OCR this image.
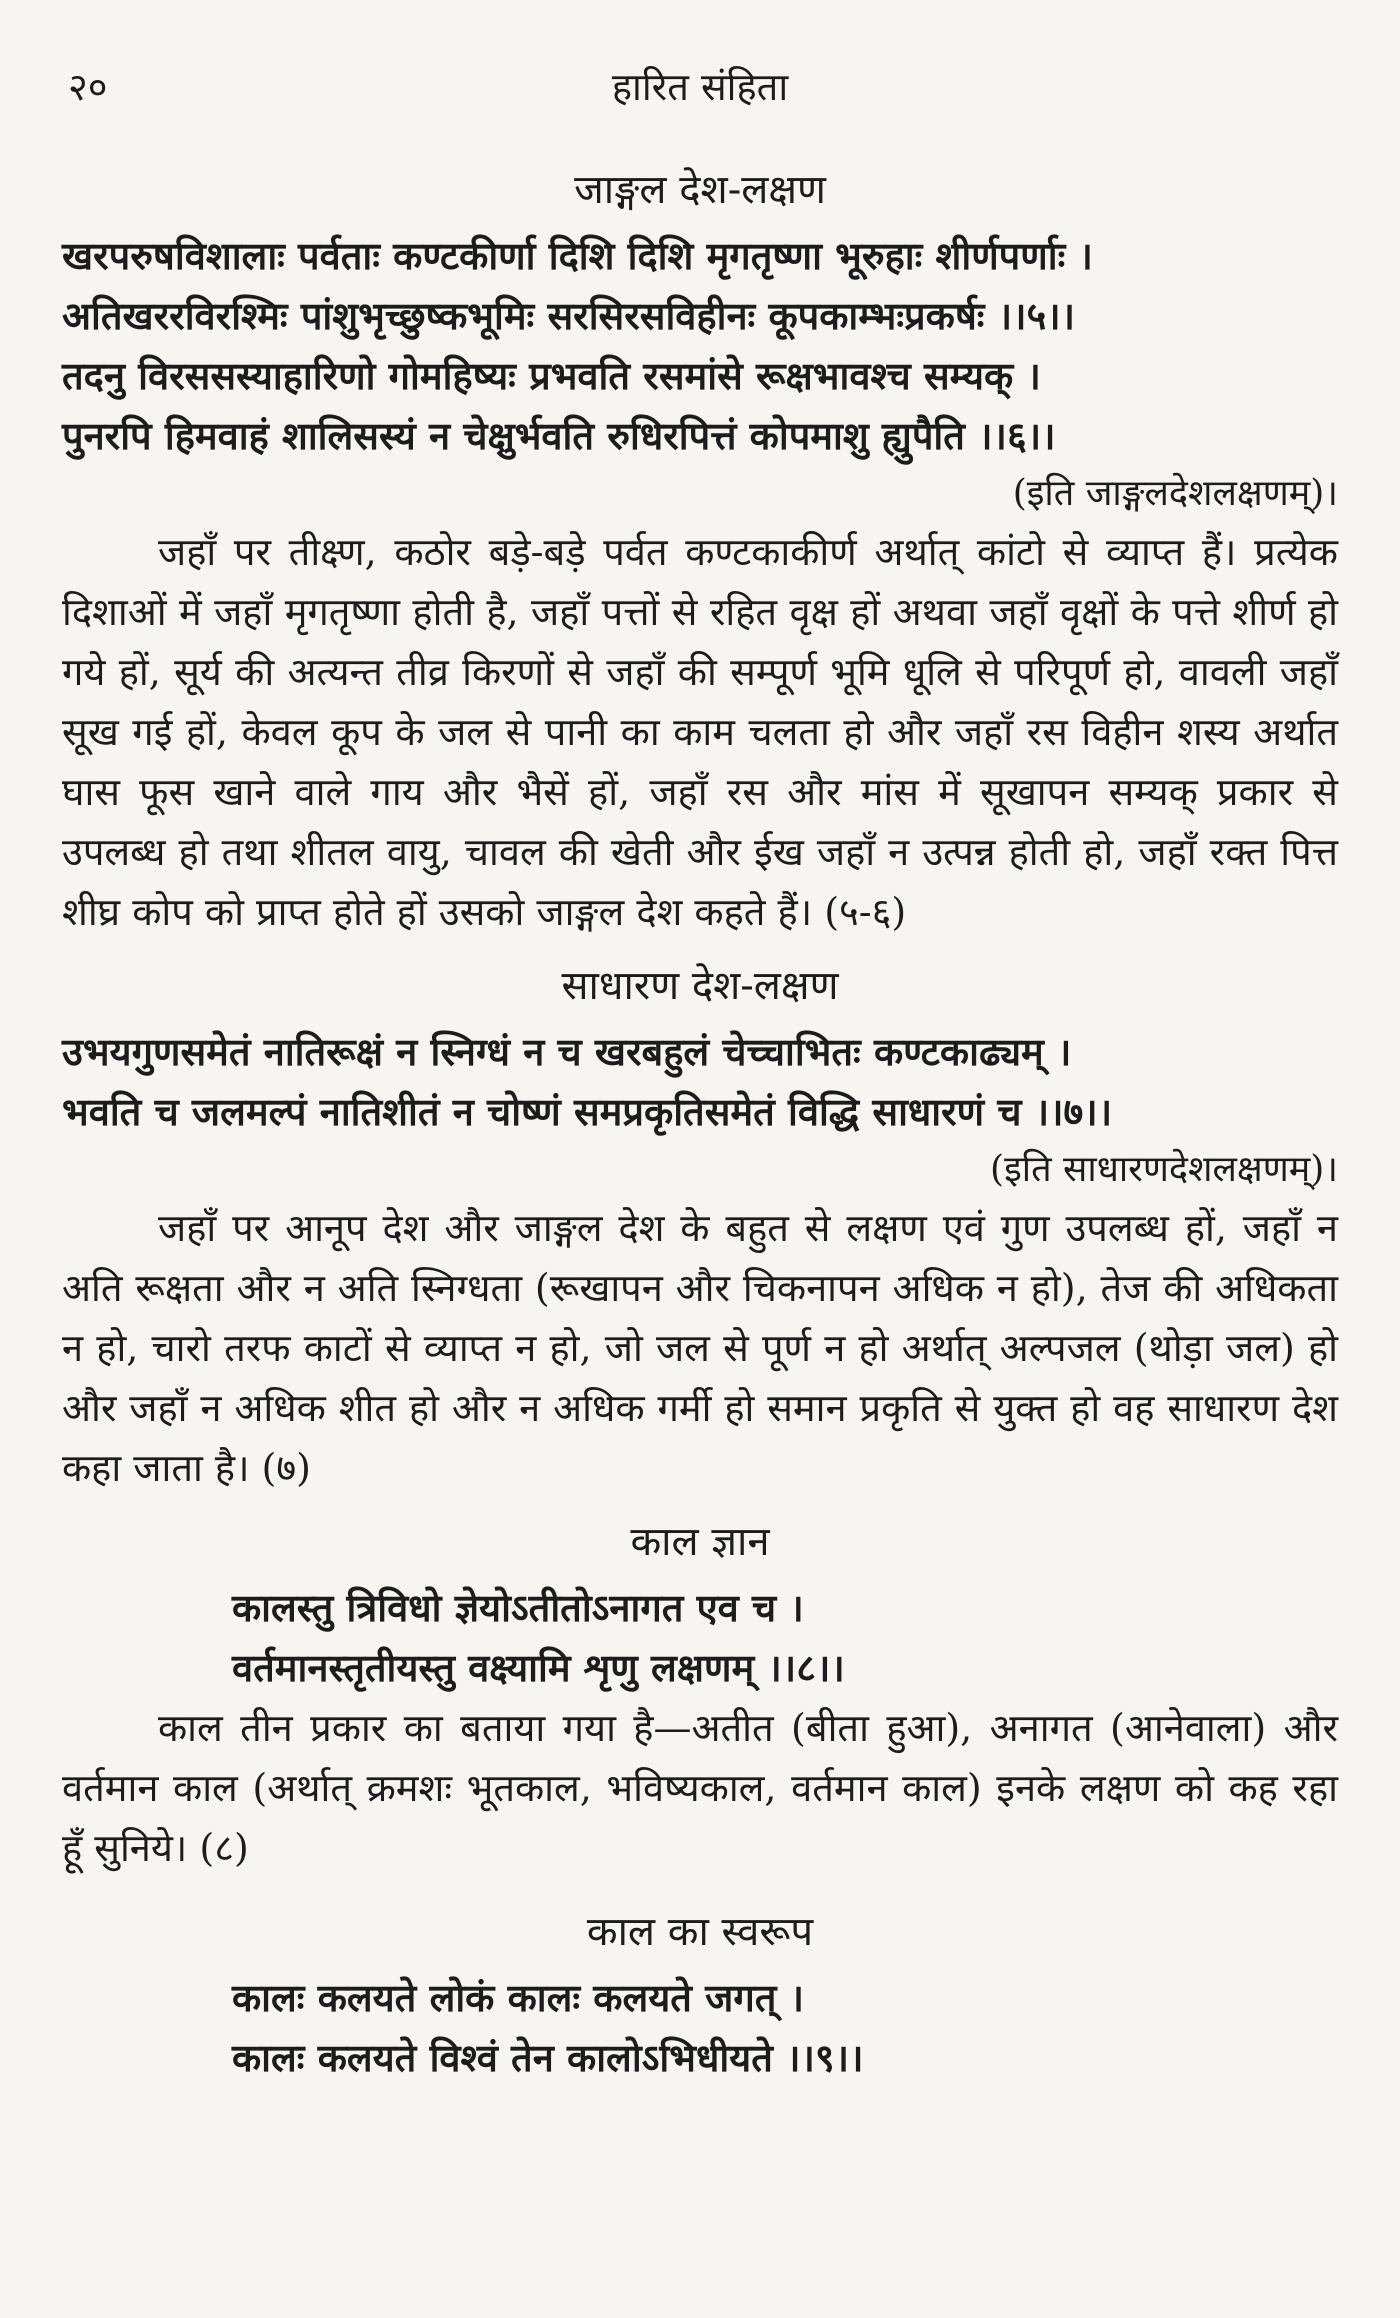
२०	हारित संहिता
जाङ्गल देश-लक्षण
खरपरुषविशालाः पर्वताः कण्टकीर्णा दिशि दिशि मृगतृष्णा भूरुहाः शीर्णपर्णाः ।
अतिखररविरश्मिः पांशुभृच्छुष्कभूमिः सरसिरसविहीनः कूपकाम्भःप्रकर्षः ।।५।।
तदनु विरससस्याहारिणो गोमहिष्यः प्रभवति रसमांसे रूक्षभावश्च सम्यक् ।
पुनरपि हिमवाहं शालिसस्यं न चेक्षुर्भवति रुधिरपित्तं कोपमाशु ह्युपैति ।।६।।
(इति जाङ्गलदेशलक्षणम्)।

जहाँ पर तीक्ष्ण, कठोर बड़े-बड़े पर्वत कण्टकाकीर्ण अर्थात् कांटो से व्याप्त हैं। प्रत्येक दिशाओं में जहाँ मृगतृष्णा होती है, जहाँ पत्तों से रहित वृक्ष हों अथवा जहाँ वृक्षों के पत्ते शीर्ण हो गये हों, सूर्य की अत्यन्त तीव्र किरणों से जहाँ की सम्पूर्ण भूमि धूलि से परिपूर्ण हो, वावली जहाँ सूख गई हों, केवल कूप के जल से पानी का काम चलता हो और जहाँ रस विहीन शस्य अर्थात घास फूस खाने वाले गाय और भैसें हों, जहाँ रस और मांस में सूखापन सम्यक् प्रकार से उपलब्ध हो तथा शीतल वायु, चावल की खेती और ईख जहाँ न उत्पन्न होती हो, जहाँ रक्त पित्त शीघ्र कोप को प्राप्त होते हों उसको जाङ्गल देश कहते हैं। (५-६)

साधारण देश-लक्षण
उभयगुणसमेतं नातिरूक्षं न स्निग्धं न च खरबहुलं चेच्चाभितः कण्टकाढ्यम् ।
भवति च जलमल्पं नातिशीतं न चोष्णं समप्रकृतिसमेतं विद्धि साधारणं च ।।७।।
(इति साधारणदेशलक्षणम्)।

जहाँ पर आनूप देश और जाङ्गल देश के बहुत से लक्षण एवं गुण उपलब्ध हों, जहाँ न अति रूक्षता और न अति स्निग्धता (रूखापन और चिकनापन अधिक न हो), तेज की अधिकता न हो, चारो तरफ काटों से व्याप्त न हो, जो जल से पूर्ण न हो अर्थात् अल्पजल (थोड़ा जल) हो और जहाँ न अधिक शीत हो और न अधिक गर्मी हो समान प्रकृति से युक्त हो वह साधारण देश कहा जाता है। (७)

काल ज्ञान
कालस्तु त्रिविधो ज्ञेयोऽतीतोऽनागत एव च ।
वर्तमानस्तृतीयस्तु वक्ष्यामि शृणु लक्षणम् ।।८।।

काल तीन प्रकार का बताया गया है—अतीत (बीता हुआ), अनागत (आनेवाला) और वर्तमान काल (अर्थात् क्रमशः भूतकाल, भविष्यकाल, वर्तमान काल) इनके लक्षण को कह रहा हूँ सुनिये। (८)

काल का स्वरूप
कालः कलयते लोकं कालः कलयते जगत् ।
कालः कलयते विश्वं तेन कालोऽभिधीयते ।।९।।
